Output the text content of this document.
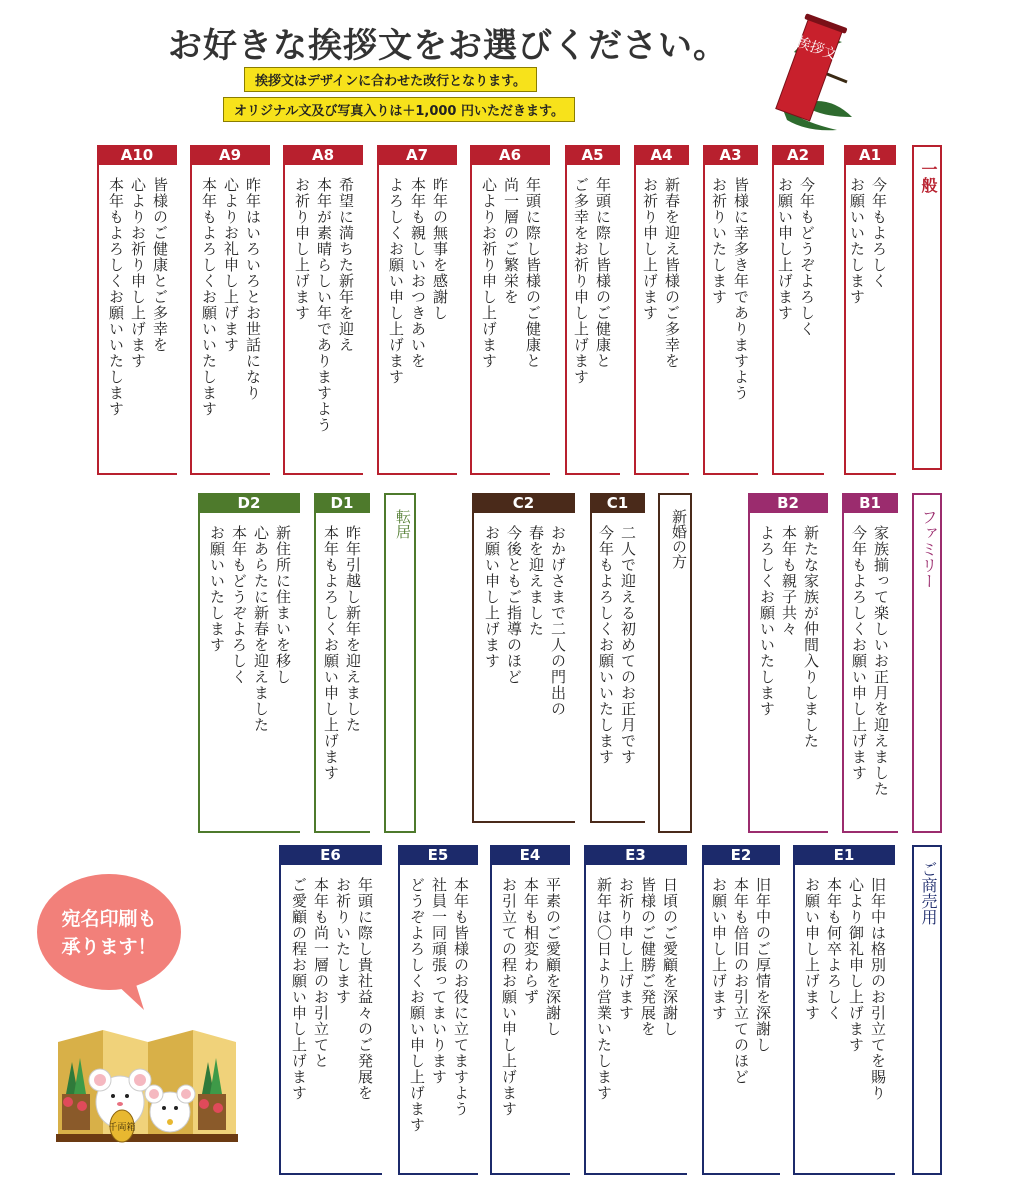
お好きな挨拶文をお選びください。
挨拶文はデザインに合わせた改行となります。
オリジナル文及び写真入りは＋1,000 円いただきます。
挨拶文
一般
ファミリー
ご商売用
A1
今年もよろしく
お願いいたします
A2
今年もどうぞよろしく
お願い申し上げます
A3
皆様に幸多き年でありますよう
お祈りいたします
A4
新春を迎え皆様のご多幸を
お祈り申し上げます
A5
年頭に際し皆様のご健康と
ご多幸をお祈り申し上げます
A6
年頭に際し皆様のご健康と
尚一層のご繁栄を
心よりお祈り申し上げます
A7
昨年の無事を感謝し
本年も親しいおつきあいを
よろしくお願い申し上げます
A8
希望に満ちた新年を迎え
本年が素晴らしい年でありますよう
お祈り申し上げます
A9
昨年はいろいろとお世話になり
心よりお礼申し上げます
本年もよろしくお願いいたします
A10
皆様のご健康とご多幸を
心よりお祈り申し上げます
本年もよろしくお願いいたします
B1
家族揃って楽しいお正月を迎えました
今年もよろしくお願い申し上げます
B2
新たな家族が仲間入りしました
本年も親子共々
よろしくお願いいたします
新婚の方
C1
二人で迎える初めてのお正月です
今年もよろしくお願いいたします
C2
おかげさまで二人の門出の
春を迎えました
今後ともご指導のほど
お願い申し上げます
転居
D1
昨年引越し新年を迎えました
本年もよろしくお願い申し上げます
D2
新住所に住まいを移し
心あらたに新春を迎えました
本年もどうぞよろしく
お願いいたします
E1
旧年中は格別のお引立てを賜り
心より御礼申し上げます
本年も何卒よろしく
お願い申し上げます
E2
旧年中のご厚情を深謝し
本年も倍旧のお引立てのほど
お願い申し上げます
E3
日頃のご愛顧を深謝し
皆様のご健勝ご発展を
お祈り申し上げます
新年は〇日より営業いたします
E4
平素のご愛顧を深謝し
本年も相変わらず
お引立ての程お願い申し上げます
E5
本年も皆様のお役に立てますよう
社員一同頑張ってまいります
どうぞよろしくお願い申し上げます
E6
年頭に際し貴社益々のご発展を
お祈りいたします
本年も尚一層のお引立てと
ご愛顧の程お願い申し上げます
宛名印刷も
承ります！
千両箱
